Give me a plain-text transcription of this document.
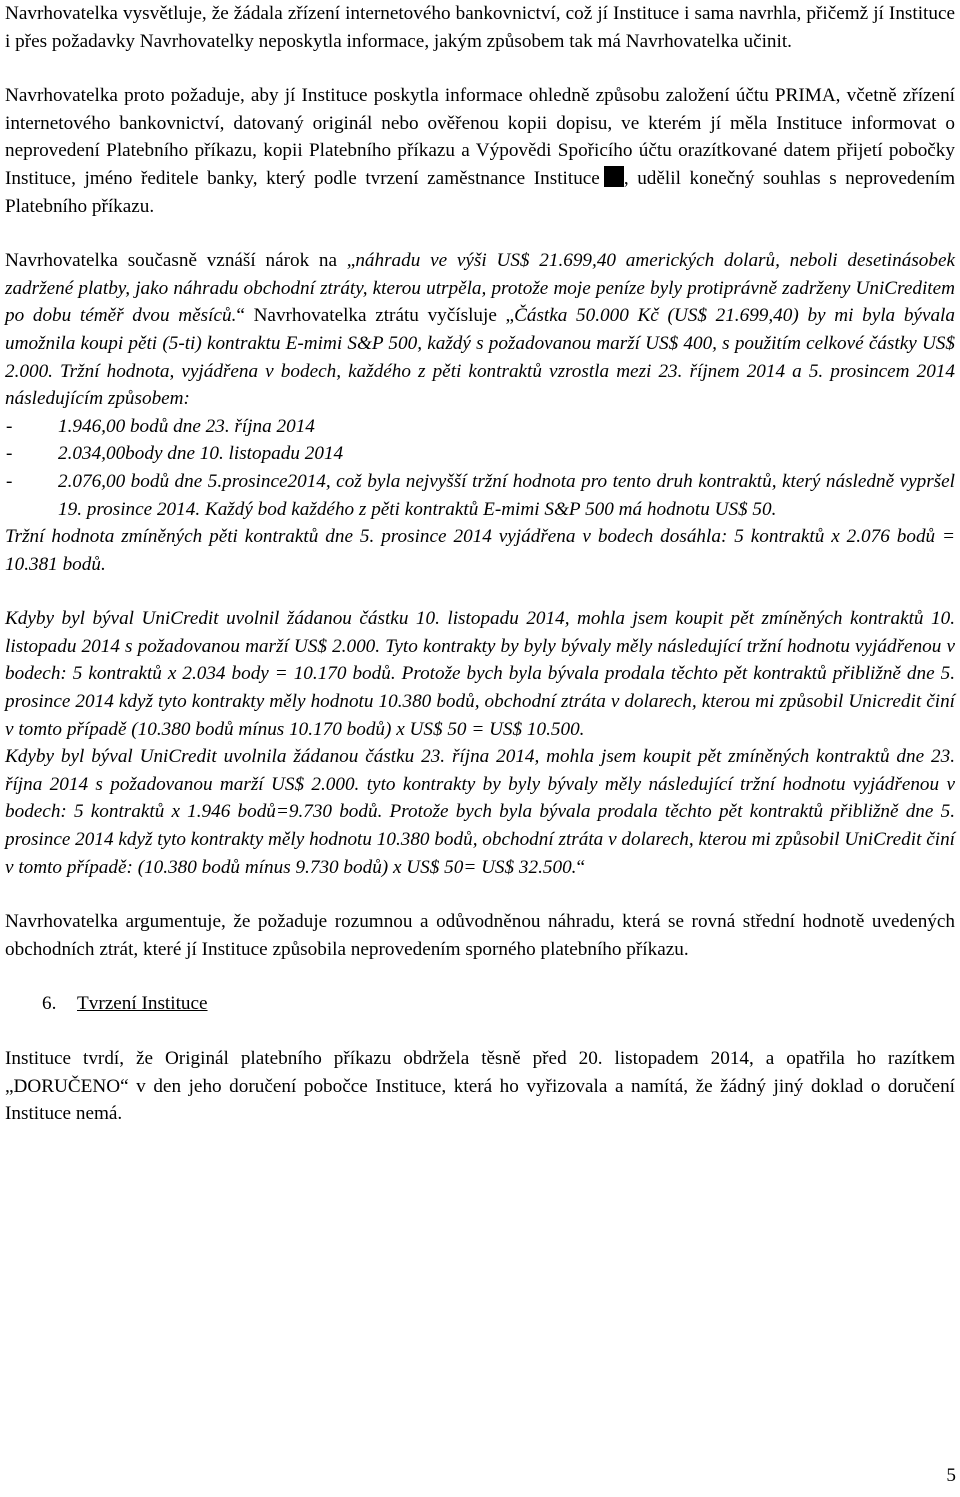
Navrhovatelka vysvětluje, že žádala zřízení internetového bankovnictví, což jí Instituce i sama navrhla, přičemž jí Instituce i přes požadavky Navrhovatelky neposkytla informace, jakým způsobem tak má Navrhovatelka učinit.

Navrhovatelka proto požaduje, aby jí Instituce poskytla informace ohledně způsobu založení účtu PRIMA, včetně zřízení internetového bankovnictví, datovaný originál nebo ověřenou kopii dopisu, ve kterém jí měla Instituce informovat o neprovedení Platebního příkazu, kopii Platebního příkazu a Výpovědi Spořicího účtu orazítkované datem přijetí pobočky Instituce, jméno ředitele banky, který podle tvrzení zaměstnance Instituce , udělil konečný souhlas s neprovedením Platebního příkazu.

Navrhovatelka současně vznáší nárok na „náhradu ve výši US$ 21.699,40 amerických dolarů, neboli desetinásobek zadržené platby, jako náhradu obchodní ztráty, kterou utrpěla, protože moje peníze byly protiprávně zadrženy UniCreditem po dobu téměř dvou měsíců.“ Navrhovatelka ztrátu vyčísluje „Částka 50.000 Kč (US$ 21.699,40) by mi byla bývala umožnila koupi pěti (5-ti) kontraktu E-mimi S&P 500, každý s požadovanou marží US$ 400, s použitím celkové částky US$ 2.000. Tržní hodnota, vyjádřena v bodech, každého z pěti kontraktů vzrostla mezi 23. říjnem 2014 a 5. prosincem 2014 následujícím způsobem:

- 1.946,00 bodů dne 23. října 2014
- 2.034,00body dne 10. listopadu 2014
- 2.076,00 bodů dne 5.prosince2014, což byla nejvyšší tržní hodnota pro tento druh kontraktů, který následně vypršel 19. prosince 2014. Každý bod každého z pěti kontraktů E-mimi S&P 500 má hodnotu US$ 50.

Tržní hodnota zmíněných pěti kontraktů dne 5. prosince 2014 vyjádřena v bodech dosáhla: 5 kontraktů x 2.076 bodů = 10.381 bodů.

Kdyby byl býval UniCredit uvolnil žádanou částku 10. listopadu 2014, mohla jsem koupit pět zmíněných kontraktů 10. listopadu 2014 s požadovanou marží US$ 2.000. Tyto kontrakty by byly bývaly měly následující tržní hodnotu vyjádřenou v bodech: 5 kontraktů x 2.034 body = 10.170 bodů. Protože bych byla bývala prodala těchto pět kontraktů přibližně dne 5. prosince 2014 když tyto kontrakty měly hodnotu 10.380 bodů, obchodní ztráta v dolarech, kterou mi způsobil Unicredit činí v tomto případě (10.380 bodů mínus 10.170 bodů) x US$ 50 = US$ 10.500.

Kdyby byl býval UniCredit uvolnila žádanou částku 23. října 2014, mohla jsem koupit pět zmíněných kontraktů dne 23. října 2014 s požadovanou marží US$ 2.000. tyto kontrakty by byly bývaly měly následující tržní hodnotu vyjádřenou v bodech: 5 kontraktů x 1.946 bodů=9.730 bodů. Protože bych byla bývala prodala těchto pět kontraktů přibližně dne 5. prosince 2014 když tyto kontrakty měly hodnotu 10.380 bodů, obchodní ztráta v dolarech, kterou mi způsobil UniCredit činí v tomto případě: (10.380 bodů mínus 9.730 bodů) x US$ 50= US$ 32.500.“

Navrhovatelka argumentuje, že požaduje rozumnou a odůvodněnou náhradu, která se rovná střední hodnotě uvedených obchodních ztrát, které jí Instituce způsobila neprovedením sporného platebního příkazu.

6. Tvrzení Instituce

Instituce tvrdí, že Originál platebního příkazu obdržela těsně před 20. listopadem 2014, a opatřila ho razítkem „DORUČENO“ v den jeho doručení pobočce Instituce, která ho vyřizovala a namítá, že žádný jiný doklad o doručení Instituce nemá.

5
